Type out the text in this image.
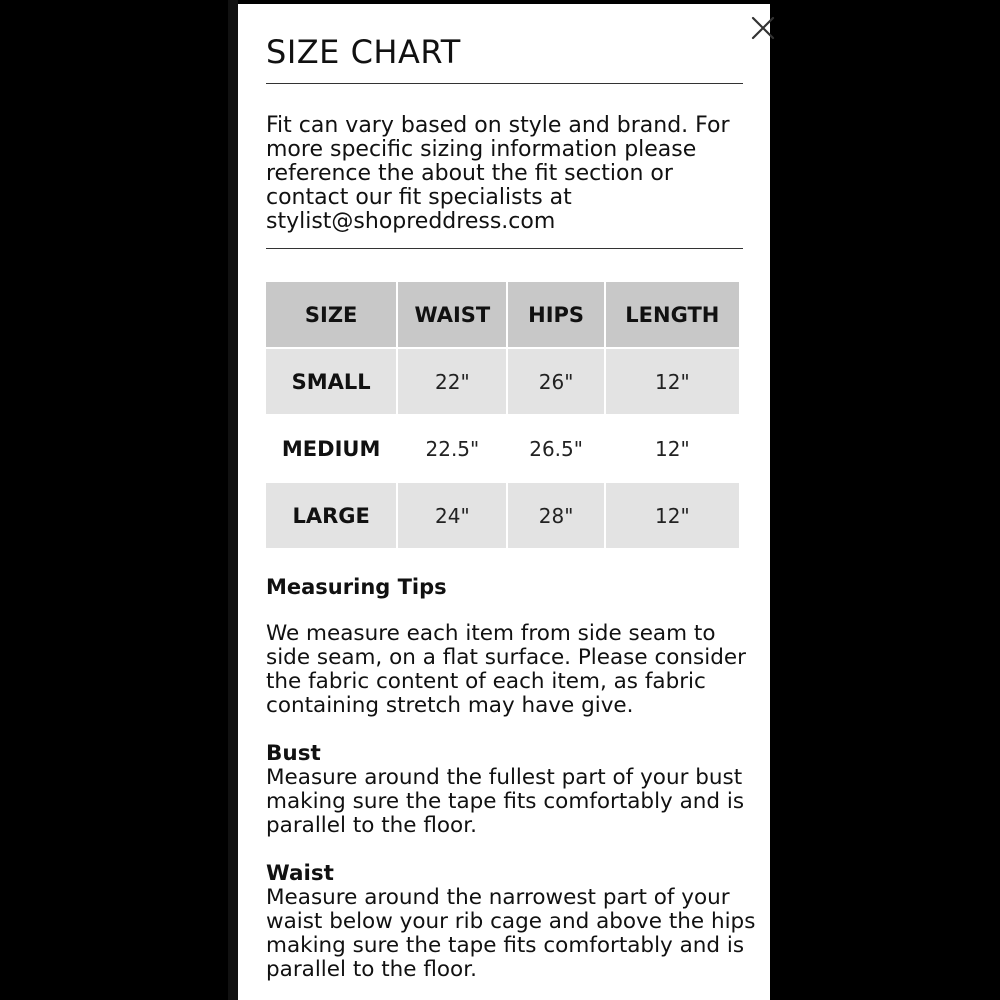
SIZE CHART

Fit can vary based on style and brand. For more specific sizing information please reference the about the fit section or contact our fit specialists at stylist@shopreddress.com

SIZE	WAIST	HIPS	LENGTH
SMALL	22"	26"	12"
MEDIUM	22.5"	26.5"	12"
LARGE	24"	28"	12"
Measuring Tips

We measure each item from side seam to side seam, on a flat surface. Please consider the fabric content of each item, as fabric containing stretch may have give.

Bust
Measure around the fullest part of your bust making sure the tape fits comfortably and is parallel to the floor.

Waist
Measure around the narrowest part of your waist below your rib cage and above the hips making sure the tape fits comfortably and is parallel to the floor.
